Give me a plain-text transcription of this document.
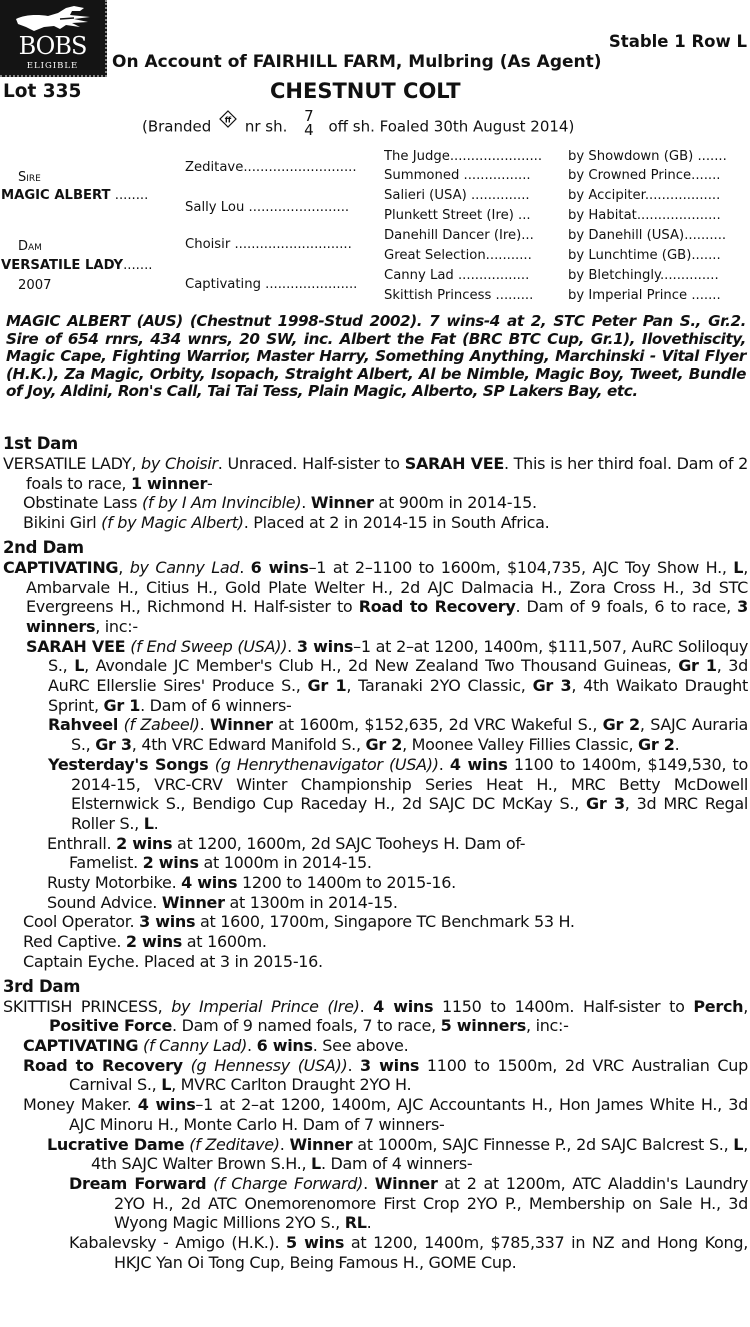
BOBS
ELIGIBLE
Stable 1 Row L
On Account of FAIRHILL FARM, Mulbring (As Agent)
Lot 335	CHESTNUT COLT
(Branded ff nr sh. 7
4 off sh. Foaled 30th August 2014)
Sire
MAGIC ALBERT ........
Dam
VERSATILE LADY.......
2007
Zeditave...........................
Sally Lou ........................
Choisir ............................
Captivating ......................
The Judge......................	by Showdown (GB) .......
Summoned ................	by Crowned Prince.......
Salieri (USA) ..............	by Accipiter..................
Plunkett Street (Ire) ...	by Habitat....................
Danehill Dancer (Ire)...	by Danehill (USA)..........
Great Selection...........	by Lunchtime (GB).......
Canny Lad .................	by Bletchingly..............
Skittish Princess .........	by Imperial Prince .......
MAGIC ALBERT (AUS) (Chestnut 1998-Stud 2002). 7 wins-4 at 2, STC Peter Pan S., Gr.2. Sire of 654 rnrs, 434 wnrs, 20 SW, inc. Albert the Fat (BRC BTC Cup, Gr.1), Ilovethiscity, Magic Cape, Fighting Warrior, Master Harry, Something Anything, Marchinski - Vital Flyer (H.K.), Za Magic, Orbity, Isopach, Straight Albert, Al be Nimble, Magic Boy, Tweet, Bundle of Joy, Aldini, Ron's Call, Tai Tai Tess, Plain Magic, Alberto, SP Lakers Bay, etc.
1st Dam

VERSATILE LADY, by Choisir. Unraced. Half-sister to SARAH VEE. This is her third foal. Dam of 2 foals to race, 1 winner-

Obstinate Lass (f by I Am Invincible). Winner at 900m in 2014-15.

Bikini Girl (f by Magic Albert). Placed at 2 in 2014-15 in South Africa.

2nd Dam

CAPTIVATING, by Canny Lad. 6 wins–1 at 2–1100 to 1600m, $104,735, AJC Toy Show H., L, Ambarvale H., Citius H., Gold Plate Welter H., 2d AJC Dalmacia H., Zora Cross H., 3d STC Evergreens H., Richmond H. Half-sister to Road to Recovery. Dam of 9 foals, 6 to race, 3 winners, inc:-

SARAH VEE (f End Sweep (USA)). 3 wins–1 at 2–at 1200, 1400m, $111,507, AuRC Soliloquy S., L, Avondale JC Member's Club H., 2d New Zealand Two Thousand Guineas, Gr 1, 3d AuRC Ellerslie Sires' Produce S., Gr 1, Taranaki 2YO Classic, Gr 3, 4th Waikato Draught Sprint, Gr 1. Dam of 6 winners-

Rahveel (f Zabeel). Winner at 1600m, $152,635, 2d VRC Wakeful S., Gr 2, SAJC Auraria S., Gr 3, 4th VRC Edward Manifold S., Gr 2, Moonee Valley Fillies Classic, Gr 2.

Yesterday's Songs (g Henrythenavigator (USA)). 4 wins 1100 to 1400m, $149,530, to 2014-15, VRC-CRV Winter Championship Series Heat H., MRC Betty McDowell Elsternwick S., Bendigo Cup Raceday H., 2d SAJC DC McKay S., Gr 3, 3d MRC Regal Roller S., L.

Enthrall. 2 wins at 1200, 1600m, 2d SAJC Tooheys H. Dam of-

Famelist. 2 wins at 1000m in 2014-15.

Rusty Motorbike. 4 wins 1200 to 1400m to 2015-16.

Sound Advice. Winner at 1300m in 2014-15.

Cool Operator. 3 wins at 1600, 1700m, Singapore TC Benchmark 53 H.

Red Captive. 2 wins at 1600m.

Captain Eyche. Placed at 3 in 2015-16.

3rd Dam

SKITTISH PRINCESS, by Imperial Prince (Ire). 4 wins 1150 to 1400m. Half-sister to Perch, Positive Force. Dam of 9 named foals, 7 to race, 5 winners, inc:-

CAPTIVATING (f Canny Lad). 6 wins. See above.

Road to Recovery (g Hennessy (USA)). 3 wins 1100 to 1500m, 2d VRC Australian Cup Carnival S., L, MVRC Carlton Draught 2YO H.

Money Maker. 4 wins–1 at 2–at 1200, 1400m, AJC Accountants H., Hon James White H., 3d AJC Minoru H., Monte Carlo H. Dam of 7 winners-

Lucrative Dame (f Zeditave). Winner at 1000m, SAJC Finnesse P., 2d SAJC Balcrest S., L, 4th SAJC Walter Brown S.H., L. Dam of 4 winners-

Dream Forward (f Charge Forward). Winner at 2 at 1200m, ATC Aladdin's Laundry 2YO H., 2d ATC Onemorenomore First Crop 2YO P., Membership on Sale H., 3d Wyong Magic Millions 2YO S., RL.

Kabalevsky - Amigo (H.K.). 5 wins at 1200, 1400m, $785,337 in NZ and Hong Kong, HKJC Yan Oi Tong Cup, Being Famous H., GOME Cup.
